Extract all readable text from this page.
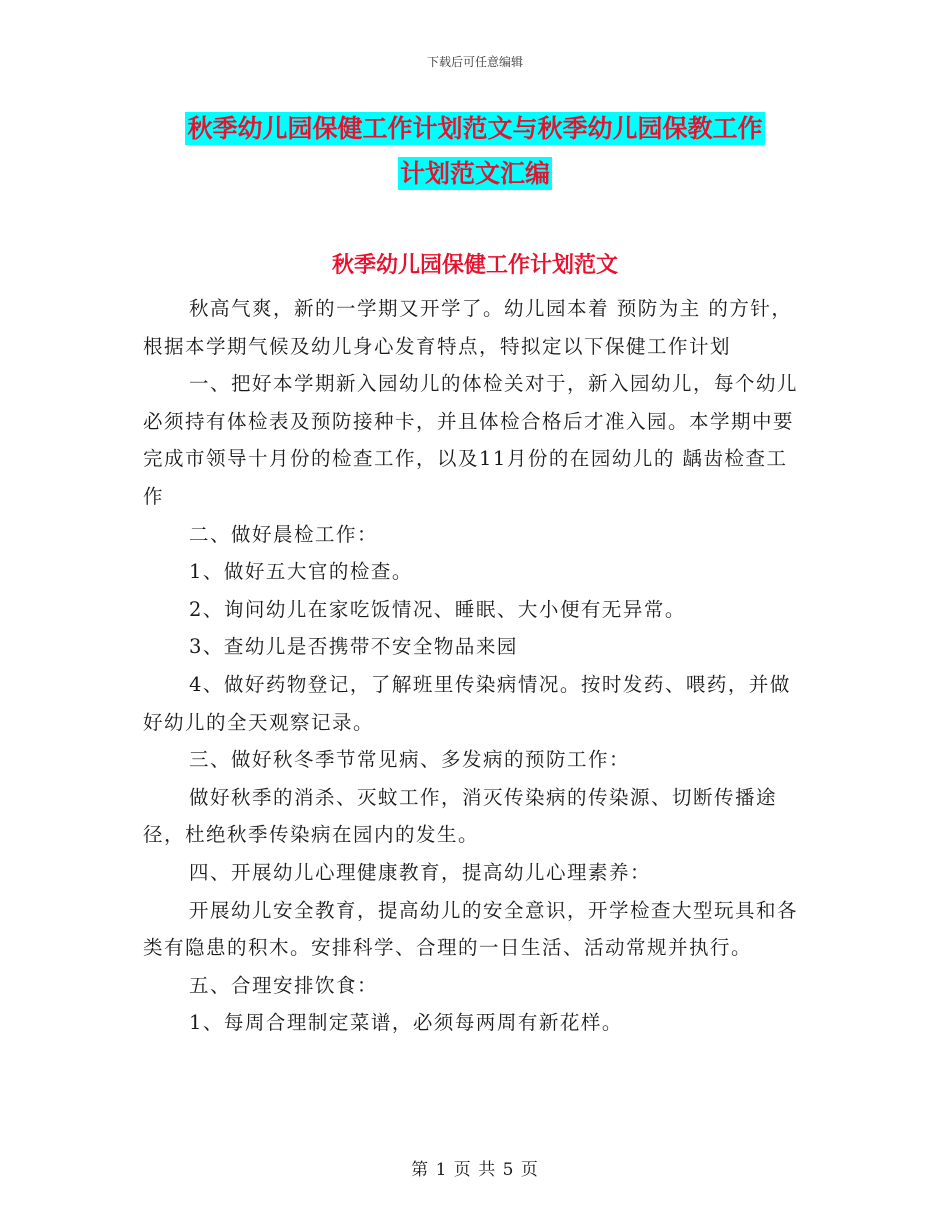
下载后可任意编辑
秋季幼儿园保健工作计划范文与秋季幼儿园保教工作
计划范文汇编
秋季幼儿园保健工作计划范文

秋高气爽，新的一学期又开学了。幼儿园本着 预防为主 的方针，根据本学期气候及幼儿身心发育特点，特拟定以下保健工作计划

一、把好本学期新入园幼儿的体检关对于，新入园幼儿，每个幼儿必须持有体检表及预防接种卡，并且体检合格后才准入园。本学期中要完成市领导十月份的检查工作，以及11月份的在园幼儿的 龋齿检查工作

二、做好晨检工作：

1、做好五大官的检查。

2、询问幼儿在家吃饭情况、睡眠、大小便有无异常。

3、查幼儿是否携带不安全物品来园

4、做好药物登记，了解班里传染病情况。按时发药、喂药，并做好幼儿的全天观察记录。

三、做好秋冬季节常见病、多发病的预防工作：

做好秋季的消杀、灭蚊工作，消灭传染病的传染源、切断传播途径，杜绝秋季传染病在园内的发生。

四、开展幼儿心理健康教育，提高幼儿心理素养：

开展幼儿安全教育，提高幼儿的安全意识，开学检查大型玩具和各类有隐患的积木。安排科学、合理的一日生活、活动常规并执行。

五、合理安排饮食：

1、每周合理制定菜谱，必须每两周有新花样。

第 1 页 共 5 页
